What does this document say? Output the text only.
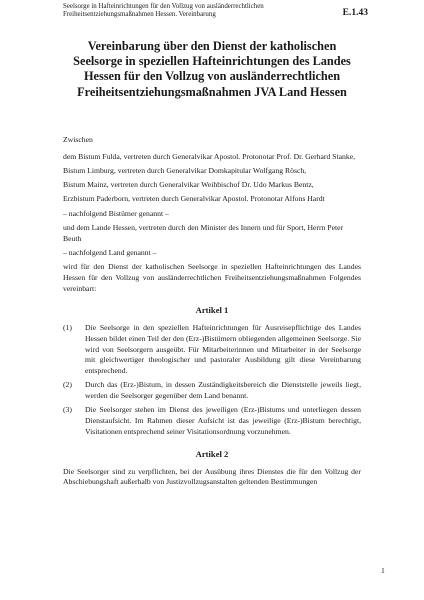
Seelsorge in Hafteinrichtungen für den Vollzug von ausländerrechtlichen
Freiheitsentziehungsmaßnahmen Hessen. Vereinbarung	E.1.43
Vereinbarung über den Dienst der katholischen
Seelsorge in speziellen Hafteinrichtungen des Landes
Hessen für den Vollzug von ausländerrechtlichen
Freiheitsentziehungsmaßnahmen JVA Land Hessen

Zwischen

dem Bistum Fulda, vertreten durch Generalvikar Apostol. Protonotar Prof. Dr. Gerhard Stanke,

Bistum Limburg, vertreten durch Generalvikar Domkapitular Wolfgang Rösch,

Bistum Mainz, vertreten durch Generalvikar Weihbischof Dr. Udo Markus Bentz,

Erzbistum Paderborn, vertreten durch Generalvikar Apostol. Protonotar Alfons Hardt

– nachfolgend Bistümer genannt –

und dem Lande Hessen, vertreten durch den Minister des Innern und für Sport, Herrn Peter Beuth

– nachfolgend Land genannt –

wird für den Dienst der katholischen Seelsorge in speziellen Hafteinrichtungen des Landes Hessen für den Vollzug von ausländerrechtlichen Freiheitsentziehungsmaßnahmen Folgendes vereinbart:

Artikel 1

(1)	Die Seelsorge in den speziellen Hafteinrichtungen für Ausreisepflichtige des Landes Hessen bildet einen Teil der den (Erz-)Bistümern obliegenden allgemeinen Seelsorge. Sie wird von Seelsorgern ausgeübt. Für Mitarbeiterinnen und Mitarbeiter in der Seelsorge mit gleichwertiger theologischer und pastoraler Ausbildung gilt diese Vereinbarung entsprechend.
(2)	Durch das (Erz-)Bistum, in dessen Zuständigkeitsbereich die Dienststelle jeweils liegt, werden die Seelsorger gegenüber dem Land benannt.
(3)	Die Seelsorger stehen im Dienst des jeweiligen (Erz-)Bistums und unterliegen dessen Dienstaufsicht. Im Rahmen dieser Aufsicht ist das jeweilige (Erz-)Bistum berechtigt, Visitationen entsprechend seiner Visitationsordnung vorzunehmen.

Artikel 2

Die Seelsorger sind zu verpflichten, bei der Ausübung ihres Dienstes die für den Vollzug der Abschiebungshaft außerhalb von Justizvollzugsanstalten geltenden Bestimmungen

1
